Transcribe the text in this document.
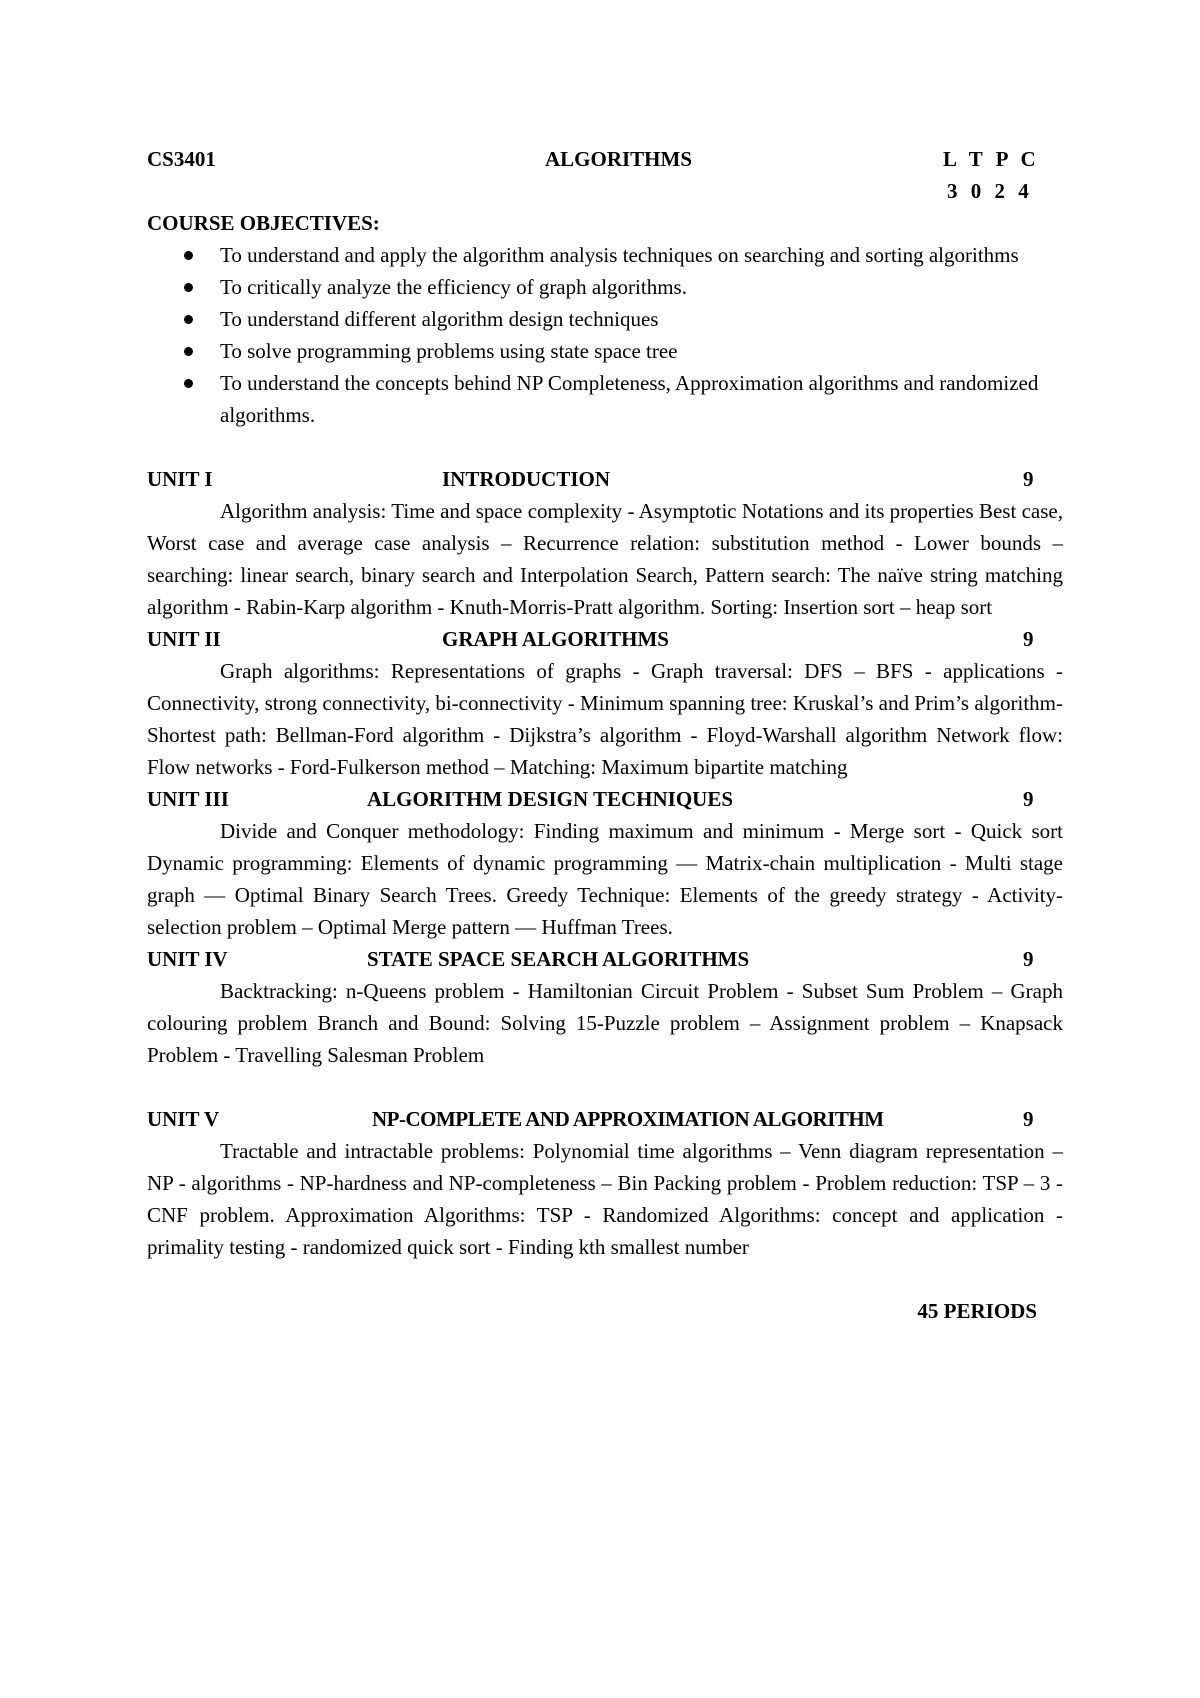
CS3401	ALGORITHMS	L T P C
3 0 2 4
COURSE OBJECTIVES:
To understand and apply the algorithm analysis techniques on searching and sorting algorithms
To critically analyze the efficiency of graph algorithms.
To understand different algorithm design techniques
To solve programming problems using state space tree
To understand the concepts behind NP Completeness, Approximation algorithms and randomized algorithms.
UNIT I	INTRODUCTION	9
Algorithm analysis: Time and space complexity - Asymptotic Notations and its properties Best case, Worst case and average case analysis – Recurrence relation: substitution method - Lower bounds – searching: linear search, binary search and Interpolation Search, Pattern search: The naïve string matching algorithm - Rabin-Karp algorithm - Knuth-Morris-Pratt algorithm. Sorting: Insertion sort – heap sort
UNIT II	GRAPH ALGORITHMS	9
Graph algorithms: Representations of graphs - Graph traversal: DFS – BFS - applications - Connectivity, strong connectivity, bi-connectivity - Minimum spanning tree: Kruskal’s and Prim’s algorithm- Shortest path: Bellman-Ford algorithm - Dijkstra’s algorithm - Floyd-Warshall algorithm Network flow: Flow networks - Ford-Fulkerson method – Matching: Maximum bipartite matching
UNIT III	ALGORITHM DESIGN TECHNIQUES	9
Divide and Conquer methodology: Finding maximum and minimum - Merge sort - Quick sort Dynamic programming: Elements of dynamic programming — Matrix-chain multiplication - Multi stage graph — Optimal Binary Search Trees. Greedy Technique: Elements of the greedy strategy - Activity-selection problem – Optimal Merge pattern — Huffman Trees.
UNIT IV	STATE SPACE SEARCH ALGORITHMS	9
Backtracking: n-Queens problem - Hamiltonian Circuit Problem - Subset Sum Problem – Graph colouring problem Branch and Bound: Solving 15-Puzzle problem – Assignment problem – Knapsack Problem - Travelling Salesman Problem
UNIT V	NP-COMPLETE AND APPROXIMATION ALGORITHM	9
Tractable and intractable problems: Polynomial time algorithms – Venn diagram representation – NP - algorithms - NP-hardness and NP-completeness – Bin Packing problem - Problem reduction: TSP – 3 - CNF problem. Approximation Algorithms: TSP - Randomized Algorithms: concept and application - primality testing - randomized quick sort - Finding kth smallest number
45 PERIODS
